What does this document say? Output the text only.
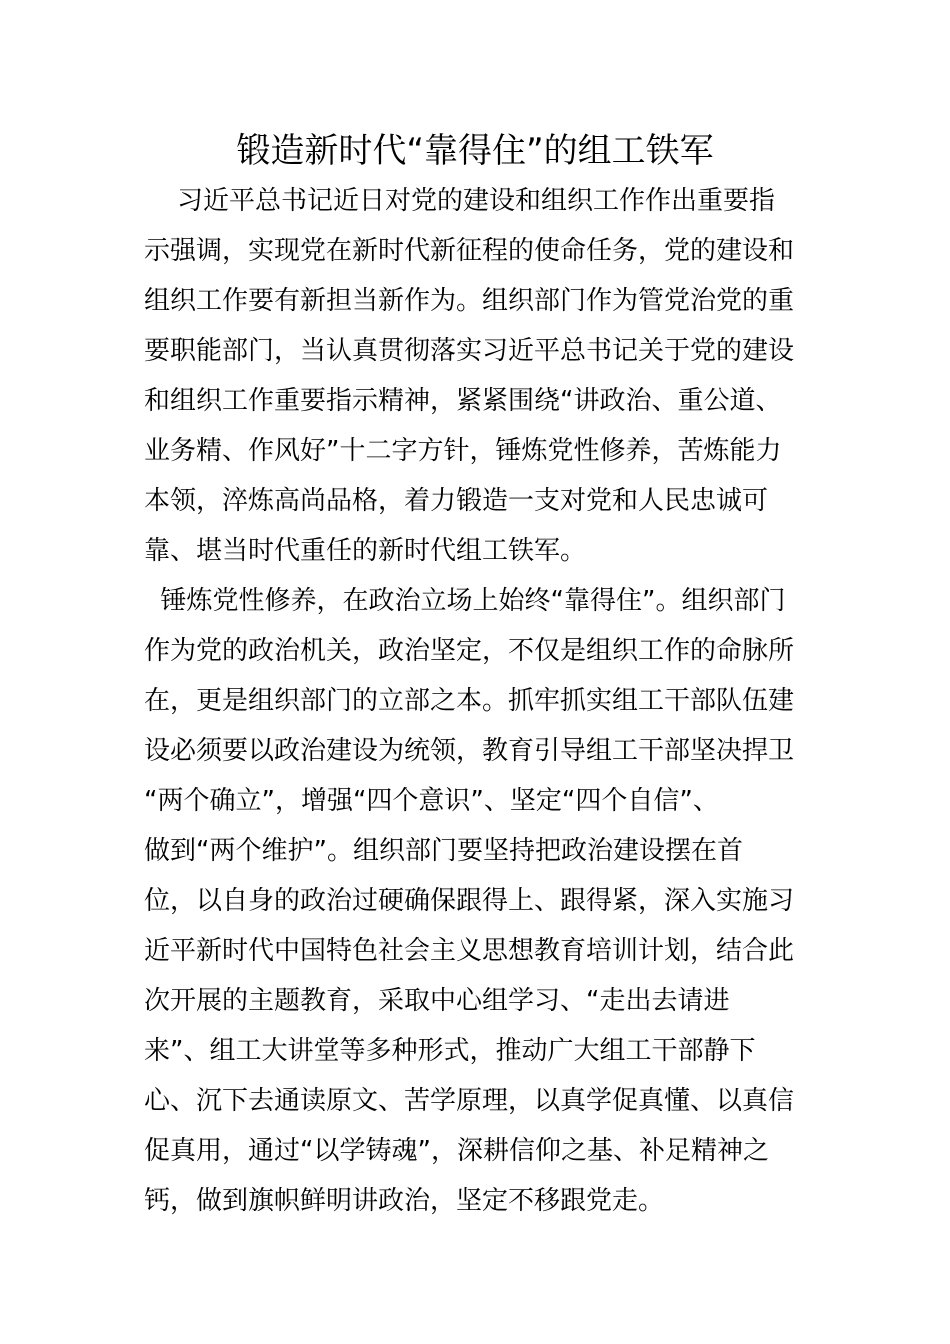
锻造新时代“靠得住”的组工铁军

习近平总书记近日对党的建设和组织工作作出重要指

示强调，实现党在新时代新征程的使命任务，党的建设和

组织工作要有新担当新作为。组织部门作为管党治党的重

要职能部门，当认真贯彻落实习近平总书记关于党的建设

和组织工作重要指示精神，紧紧围绕“讲政治、重公道、

业务精、作风好”十二字方针，锤炼党性修养，苦炼能力

本领，淬炼高尚品格，着力锻造一支对党和人民忠诚可

靠、堪当时代重任的新时代组工铁军。

锤炼党性修养，在政治立场上始终“靠得住”。组织部门

作为党的政治机关，政治坚定，不仅是组织工作的命脉所

在，更是组织部门的立部之本。抓牢抓实组工干部队伍建

设必须要以政治建设为统领，教育引导组工干部坚决捍卫

“两个确立”，增强“四个意识”、坚定“四个自信”、

做到“两个维护”。组织部门要坚持把政治建设摆在首

位，以自身的政治过硬确保跟得上、跟得紧，深入实施习

近平新时代中国特色社会主义思想教育培训计划，结合此

次开展的主题教育，采取中心组学习、“走出去请进

来”、组工大讲堂等多种形式，推动广大组工干部静下

心、沉下去通读原文、苦学原理，以真学促真懂、以真信

促真用，通过“以学铸魂”，深耕信仰之基、补足精神之

钙，做到旗帜鲜明讲政治，坚定不移跟党走。
